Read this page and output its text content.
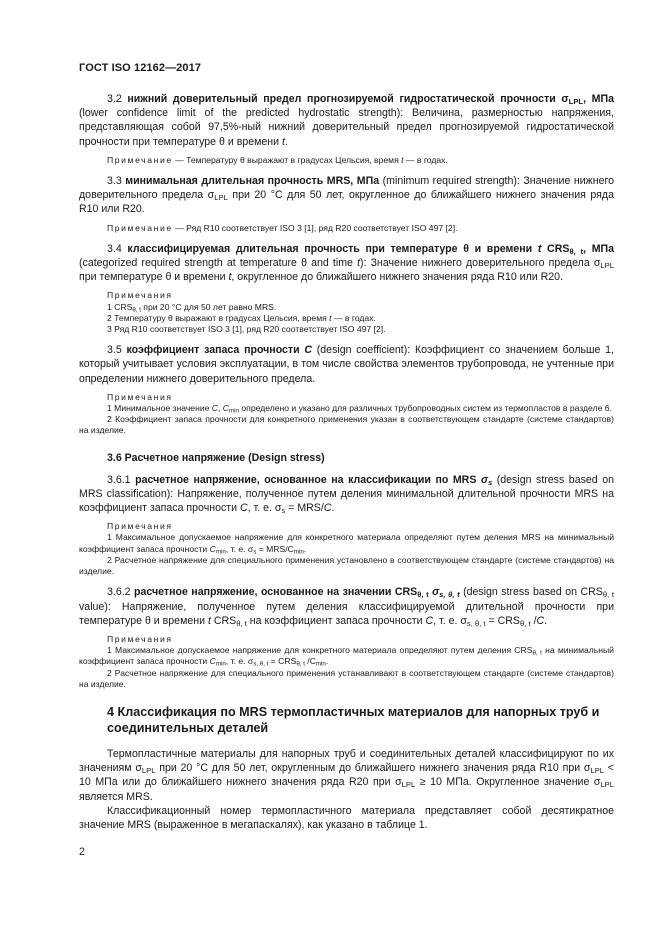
ГОСТ ISO 12162—2017

3.2 нижний доверительный предел прогнозируемой гидростатической прочности $\sigma_{LPL}$, МПа (lower confidence limit of the predicted hydrostatic strength): Величина, размерностью напряжения, представляющая собой 97,5%-ный нижний доверительный предел прогнозируемой гидростатической прочности при температуре θ и времени t.

Примечание — Температуру θ выражают в градусах Цельсия, время t — в годах.

3.3 минимальная длительная прочность MRS, МПа (minimum required strength): Значение нижнего доверительного предела $\sigma_{LPL}$ при 20 °С для 50 лет, округленное до ближайшего нижнего значения ряда R10 или R20.

Примечание — Ряд R10 соответствует ISO 3 [1], ряд R20 соответствует ISO 497 [2].

3.4 классифицируемая длительная прочность при температуре θ и времени t $CRS_{\theta, t}$, МПа (categorized required strength at temperature θ and time t): Значение нижнего доверительного предела $\sigma_{LPL}$ при температуре θ и времени t, округленное до ближайшего нижнего значения ряда R10 или R20.

Примечания
1 $CRS_{\theta, t}$ при 20 °С для 50 лет равно MRS.
2 Температуру θ выражают в градусах Цельсия, время t — в годах.
3 Ряд R10 соответствует ISO 3 [1], ряд R20 соответствует ISO 497 [2].

3.5 коэффициент запаса прочности C (design coefficient): Коэффициент со значением больше 1, который учитывает условия эксплуатации, в том числе свойства элементов трубопровода, не учтенные при определении нижнего доверительного предела.

Примечания

1 Минимальное значение C, $C_{min}$ определено и указано для различных трубопроводных систем из термопластов в разделе 6.

2 Коэффициент запаса прочности для конкретного применения указан в соответствующем стандарте (системе стандартов) на изделие.

3.6 Расчетное напряжение (Design stress)

3.6.1 расчетное напряжение, основанное на классификации по MRS $\sigma_s$ (design stress based on MRS classification): Напряжение, полученное путем деления минимальной длительной прочности MRS на коэффициент запаса прочности C, т. е. $\sigma_s = MRS/C$.

Примечания

1 Максимальное допускаемое напряжение для конкретного материала определяют путем деления MRS на минимальный коэффициент запаса прочности $C_{min}$, т. е. $\sigma_s = MRS/C_{min}$.

2 Расчетное напряжение для специального применения установлено в соответствующем стандарте (системе стандартов) на изделие.

3.6.2 расчетное напряжение, основанное на значении $CRS_{\theta, t}$ $\sigma_{s, \theta, t}$ (design stress based on $CRS_{\theta, t}$ value): Напряжение, полученное путем деления классифицируемой длительной прочности при температуре θ и времени t $CRS_{\theta, t}$ на коэффициент запаса прочности C, т. е. $\sigma_{s, \theta, t} = CRS_{\theta, t}$ /C.

Примечания

1 Максимальное допускаемое напряжение для конкретного материала определяют путем деления $CRS_{\theta, t}$ на минимальный коэффициент запаса прочности $C_{min}$, т. е. $\sigma_{s, \theta, t} = CRS_{\theta, t}$ $/C_{min}$.

2 Расчетное напряжение для специального применения устанавливают в соответствующем стандарте (системе стандартов) на изделие.

4 Классификация по MRS термопластичных материалов для напорных труб и соединительных деталей

Термопластичные материалы для напорных труб и соединительных деталей классифицируют по их значениям $\sigma_{LPL}$ при 20 °С для 50 лет, округленным до ближайшего нижнего значения ряда R10 при $\sigma_{LPL} < 10$ МПа или до ближайшего нижнего значения ряда R20 при $\sigma_{LPL} \ge 10$ МПа. Округленное значение $\sigma_{LPL}$ является MRS.

Классификационный номер термопластичного материала представляет собой десятикратное значение MRS (выраженное в мегапаскалях), как указано в таблице 1.

2
